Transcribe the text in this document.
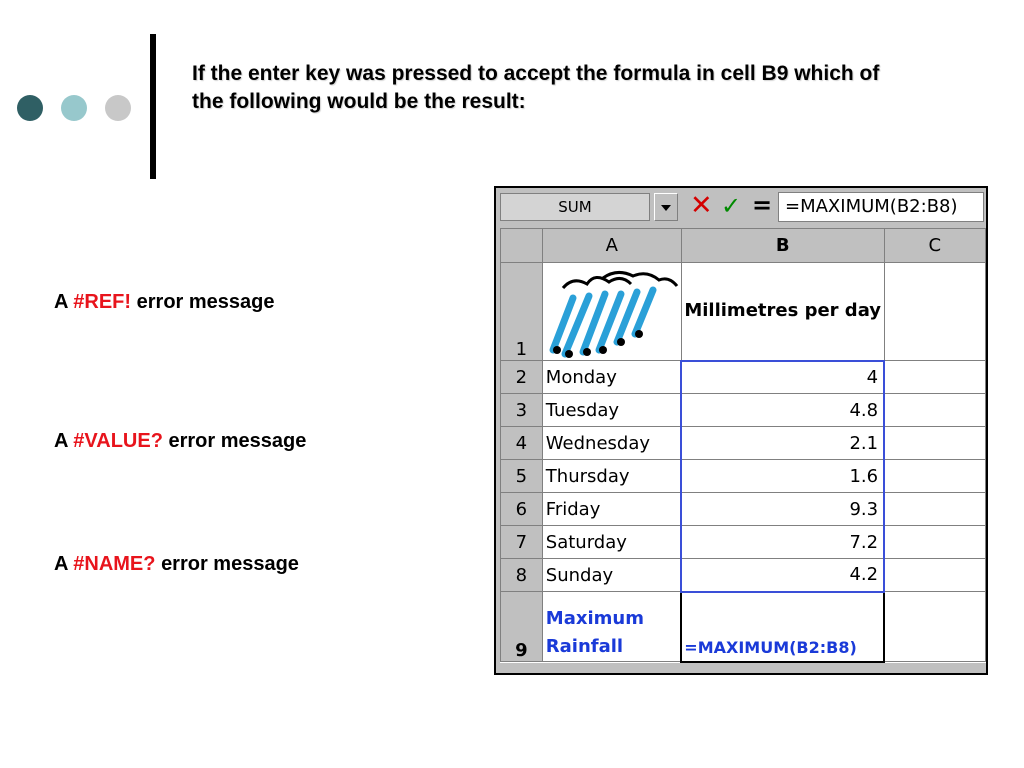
If the enter key was pressed to accept the formula in cell B9 which of the following would be the result:
A #REF! error message
A #VALUE? error message
A #NAME? error message
SUM	✕ ✓ = =MAXIMUM(B2:B8)
	A	B	C
1		Millimetres per day	
2	Monday	4	
3	Tuesday	4.8	
4	Wednesday	2.1	
5	Thursday	1.6	
6	Friday	9.3	
7	Saturday	7.2	
8	Sunday	4.2	
9	Maximum Rainfall	=MAXIMUM(B2:B8)	
